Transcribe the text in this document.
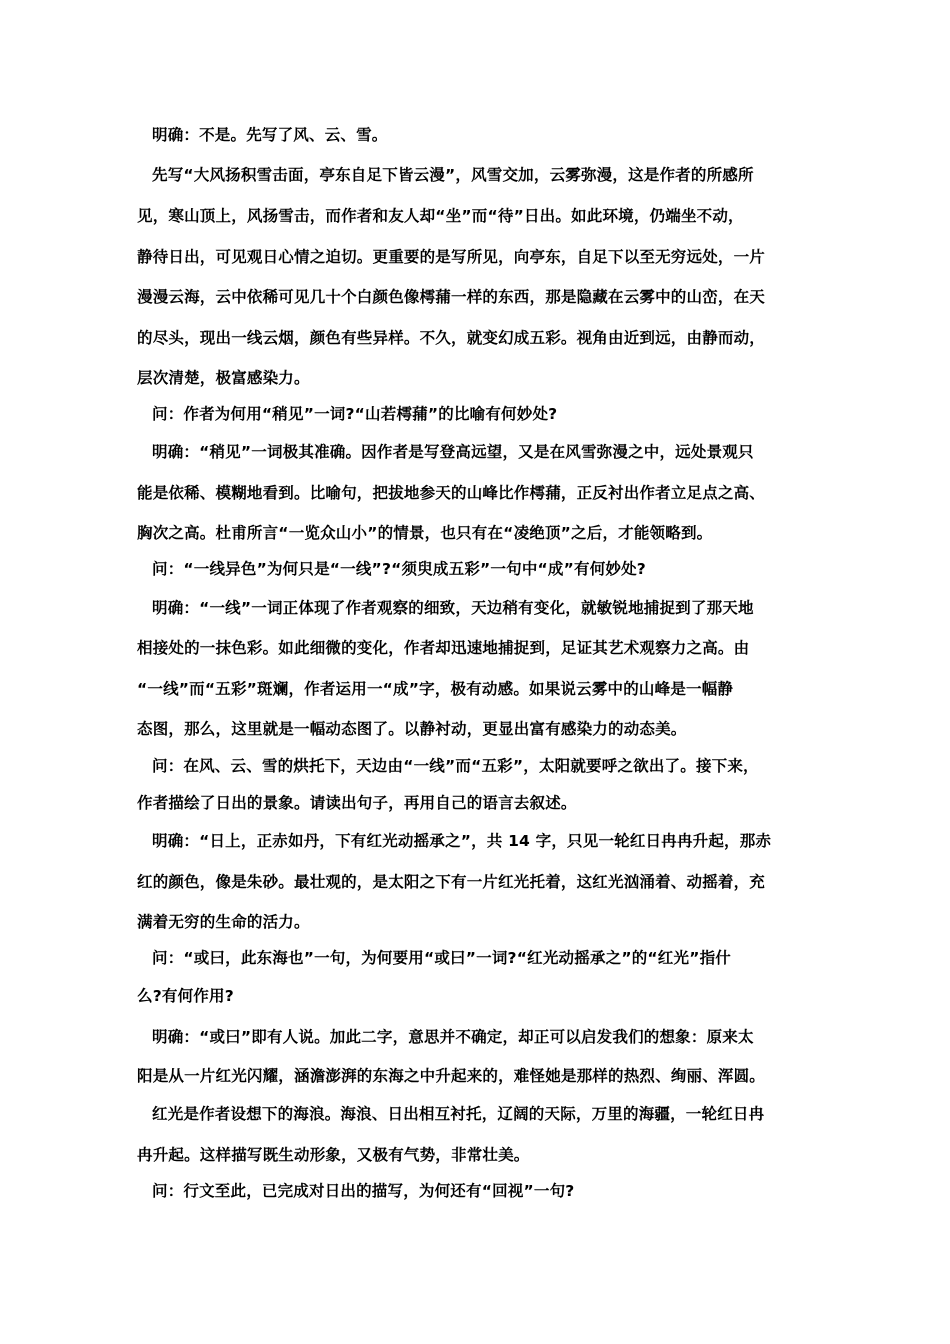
明确：不是。先写了风、云、雪。
先写“大风扬积雪击面，亭东自足下皆云漫”，风雪交加，云雾弥漫，这是作者的所感所
见，寒山顶上，风扬雪击，而作者和友人却“坐”而“待”日出。如此环境，仍端坐不动，
静待日出，可见观日心情之迫切。更重要的是写所见，向亭东，自足下以至无穷远处，一片
漫漫云海，云中依稀可见几十个白颜色像樗蒱一样的东西，那是隐藏在云雾中的山峦，在天
的尽头，现出一线云烟，颜色有些异样。不久，就变幻成五彩。视角由近到远，由静而动，
层次清楚，极富感染力。
问：作者为何用“稍见”一词?“山若樗蒱”的比喻有何妙处?
明确：“稍见”一词极其准确。因作者是写登高远望，又是在风雪弥漫之中，远处景观只
能是依稀、模糊地看到。比喻句，把拔地参天的山峰比作樗蒱，正反衬出作者立足点之高、
胸次之高。杜甫所言“一览众山小”的情景，也只有在“凌绝顶”之后，才能领略到。
问：“一线异色”为何只是“一线”?“须臾成五彩”一句中“成”有何妙处?
明确：“一线”一词正体现了作者观察的细致，天边稍有变化，就敏锐地捕捉到了那天地
相接处的一抹色彩。如此细微的变化，作者却迅速地捕捉到，足证其艺术观察力之高。由
“一线”而“五彩”斑斓，作者运用一“成”字，极有动感。如果说云雾中的山峰是一幅静
态图，那么，这里就是一幅动态图了。以静衬动，更显出富有感染力的动态美。
问：在风、云、雪的烘托下，天边由“一线”而“五彩”，太阳就要呼之欲出了。接下来，
作者描绘了日出的景象。请读出句子，再用自己的语言去叙述。
明确：“日上，正赤如丹，下有红光动摇承之”，共 14 字，只见一轮红日冉冉升起，那赤
红的颜色，像是朱砂。最壮观的，是太阳之下有一片红光托着，这红光汹涌着、动摇着，充
满着无穷的生命的活力。
问：“或曰，此东海也”一句，为何要用“或曰”一词?“红光动摇承之”的“红光”指什
么?有何作用?
明确：“或曰”即有人说。加此二字，意思并不确定，却正可以启发我们的想象：原来太
阳是从一片红光闪耀，涵澹澎湃的东海之中升起来的，难怪她是那样的热烈、绚丽、浑圆。
红光是作者设想下的海浪。海浪、日出相互衬托，辽阔的天际，万里的海疆，一轮红日冉
冉升起。这样描写既生动形象，又极有气势，非常壮美。
问：行文至此，已完成对日出的描写，为何还有“回视”一句?
